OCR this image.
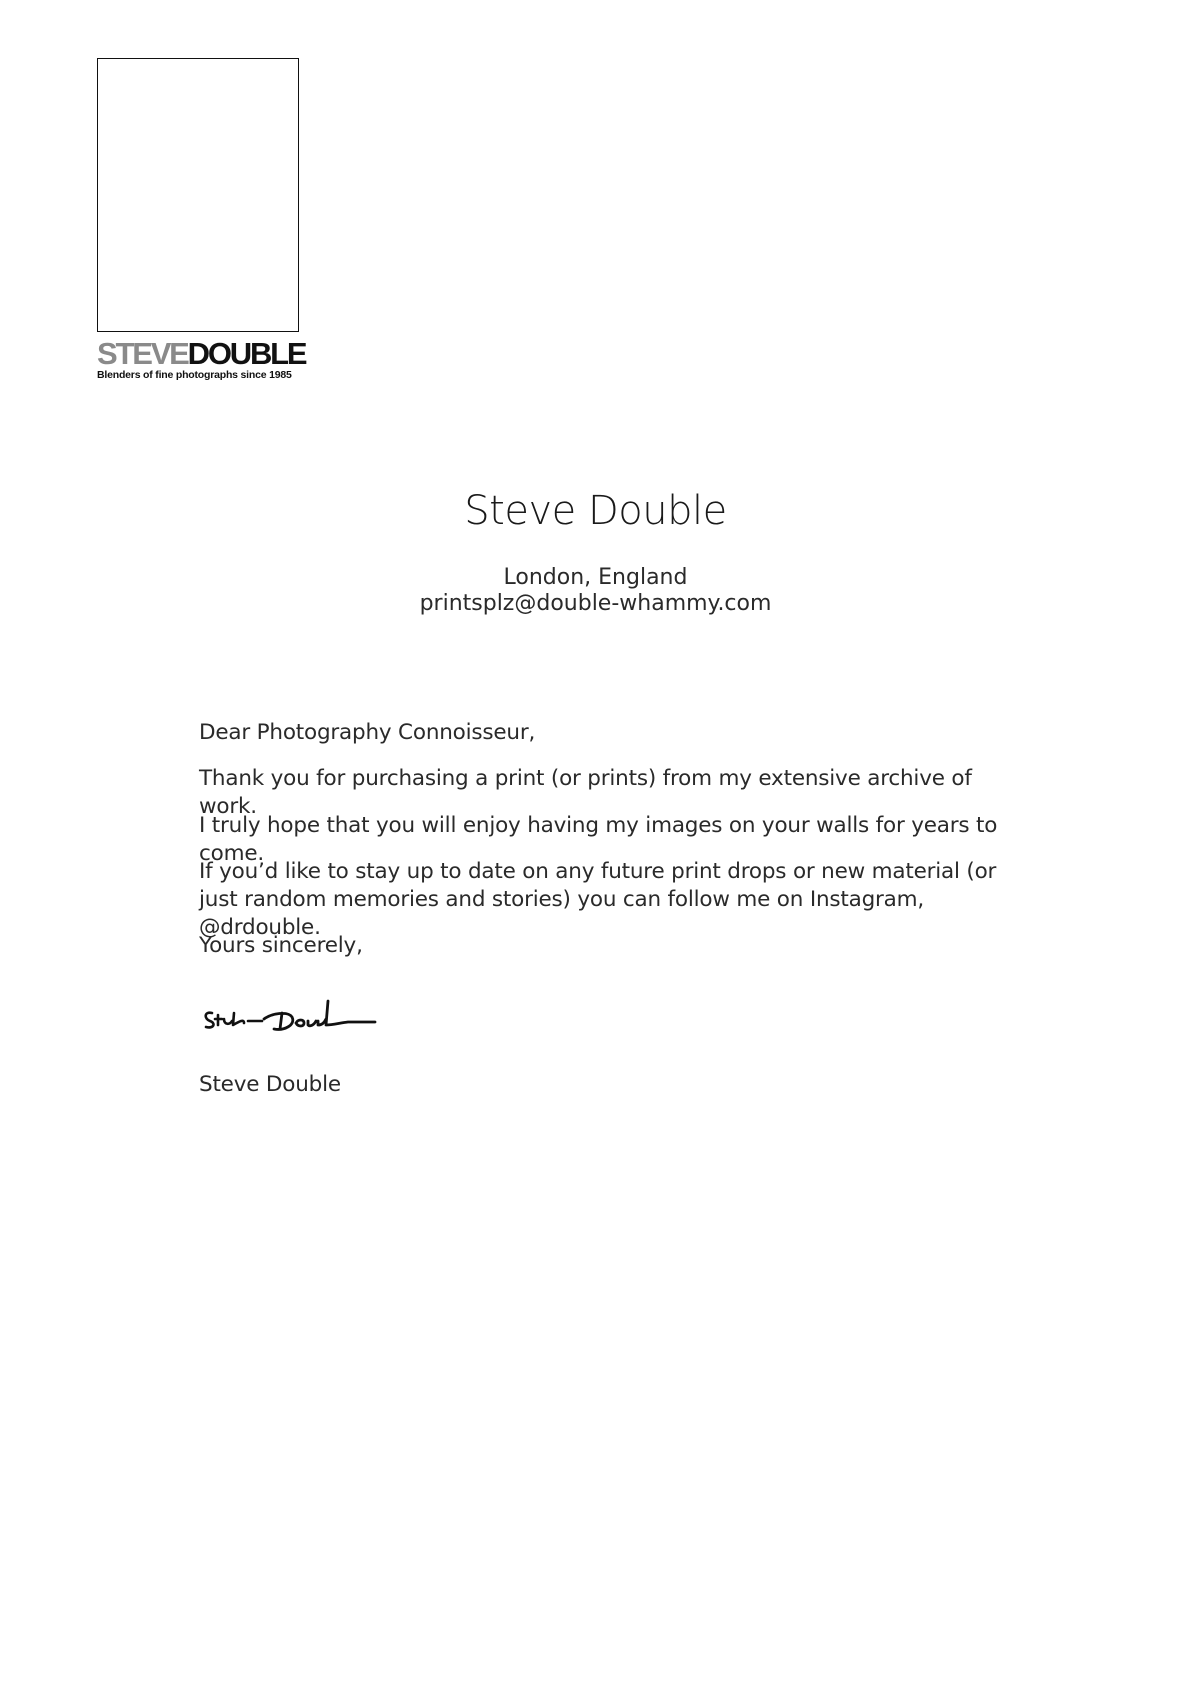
STEVEDOUBLE
Blenders of fine photographs since 1985
Steve Double
London, England
printsplz@double-whammy.com
Dear Photography Connoisseur,
Thank you for purchasing a print (or prints) from my extensive archive of work.
I truly hope that you will enjoy having my images on your walls for years to come.
If you’d like to stay up to date on any future print drops or new material (or just random memories and stories) you can follow me on Instagram, @drdouble.
Yours sincerely,
Steve Double
